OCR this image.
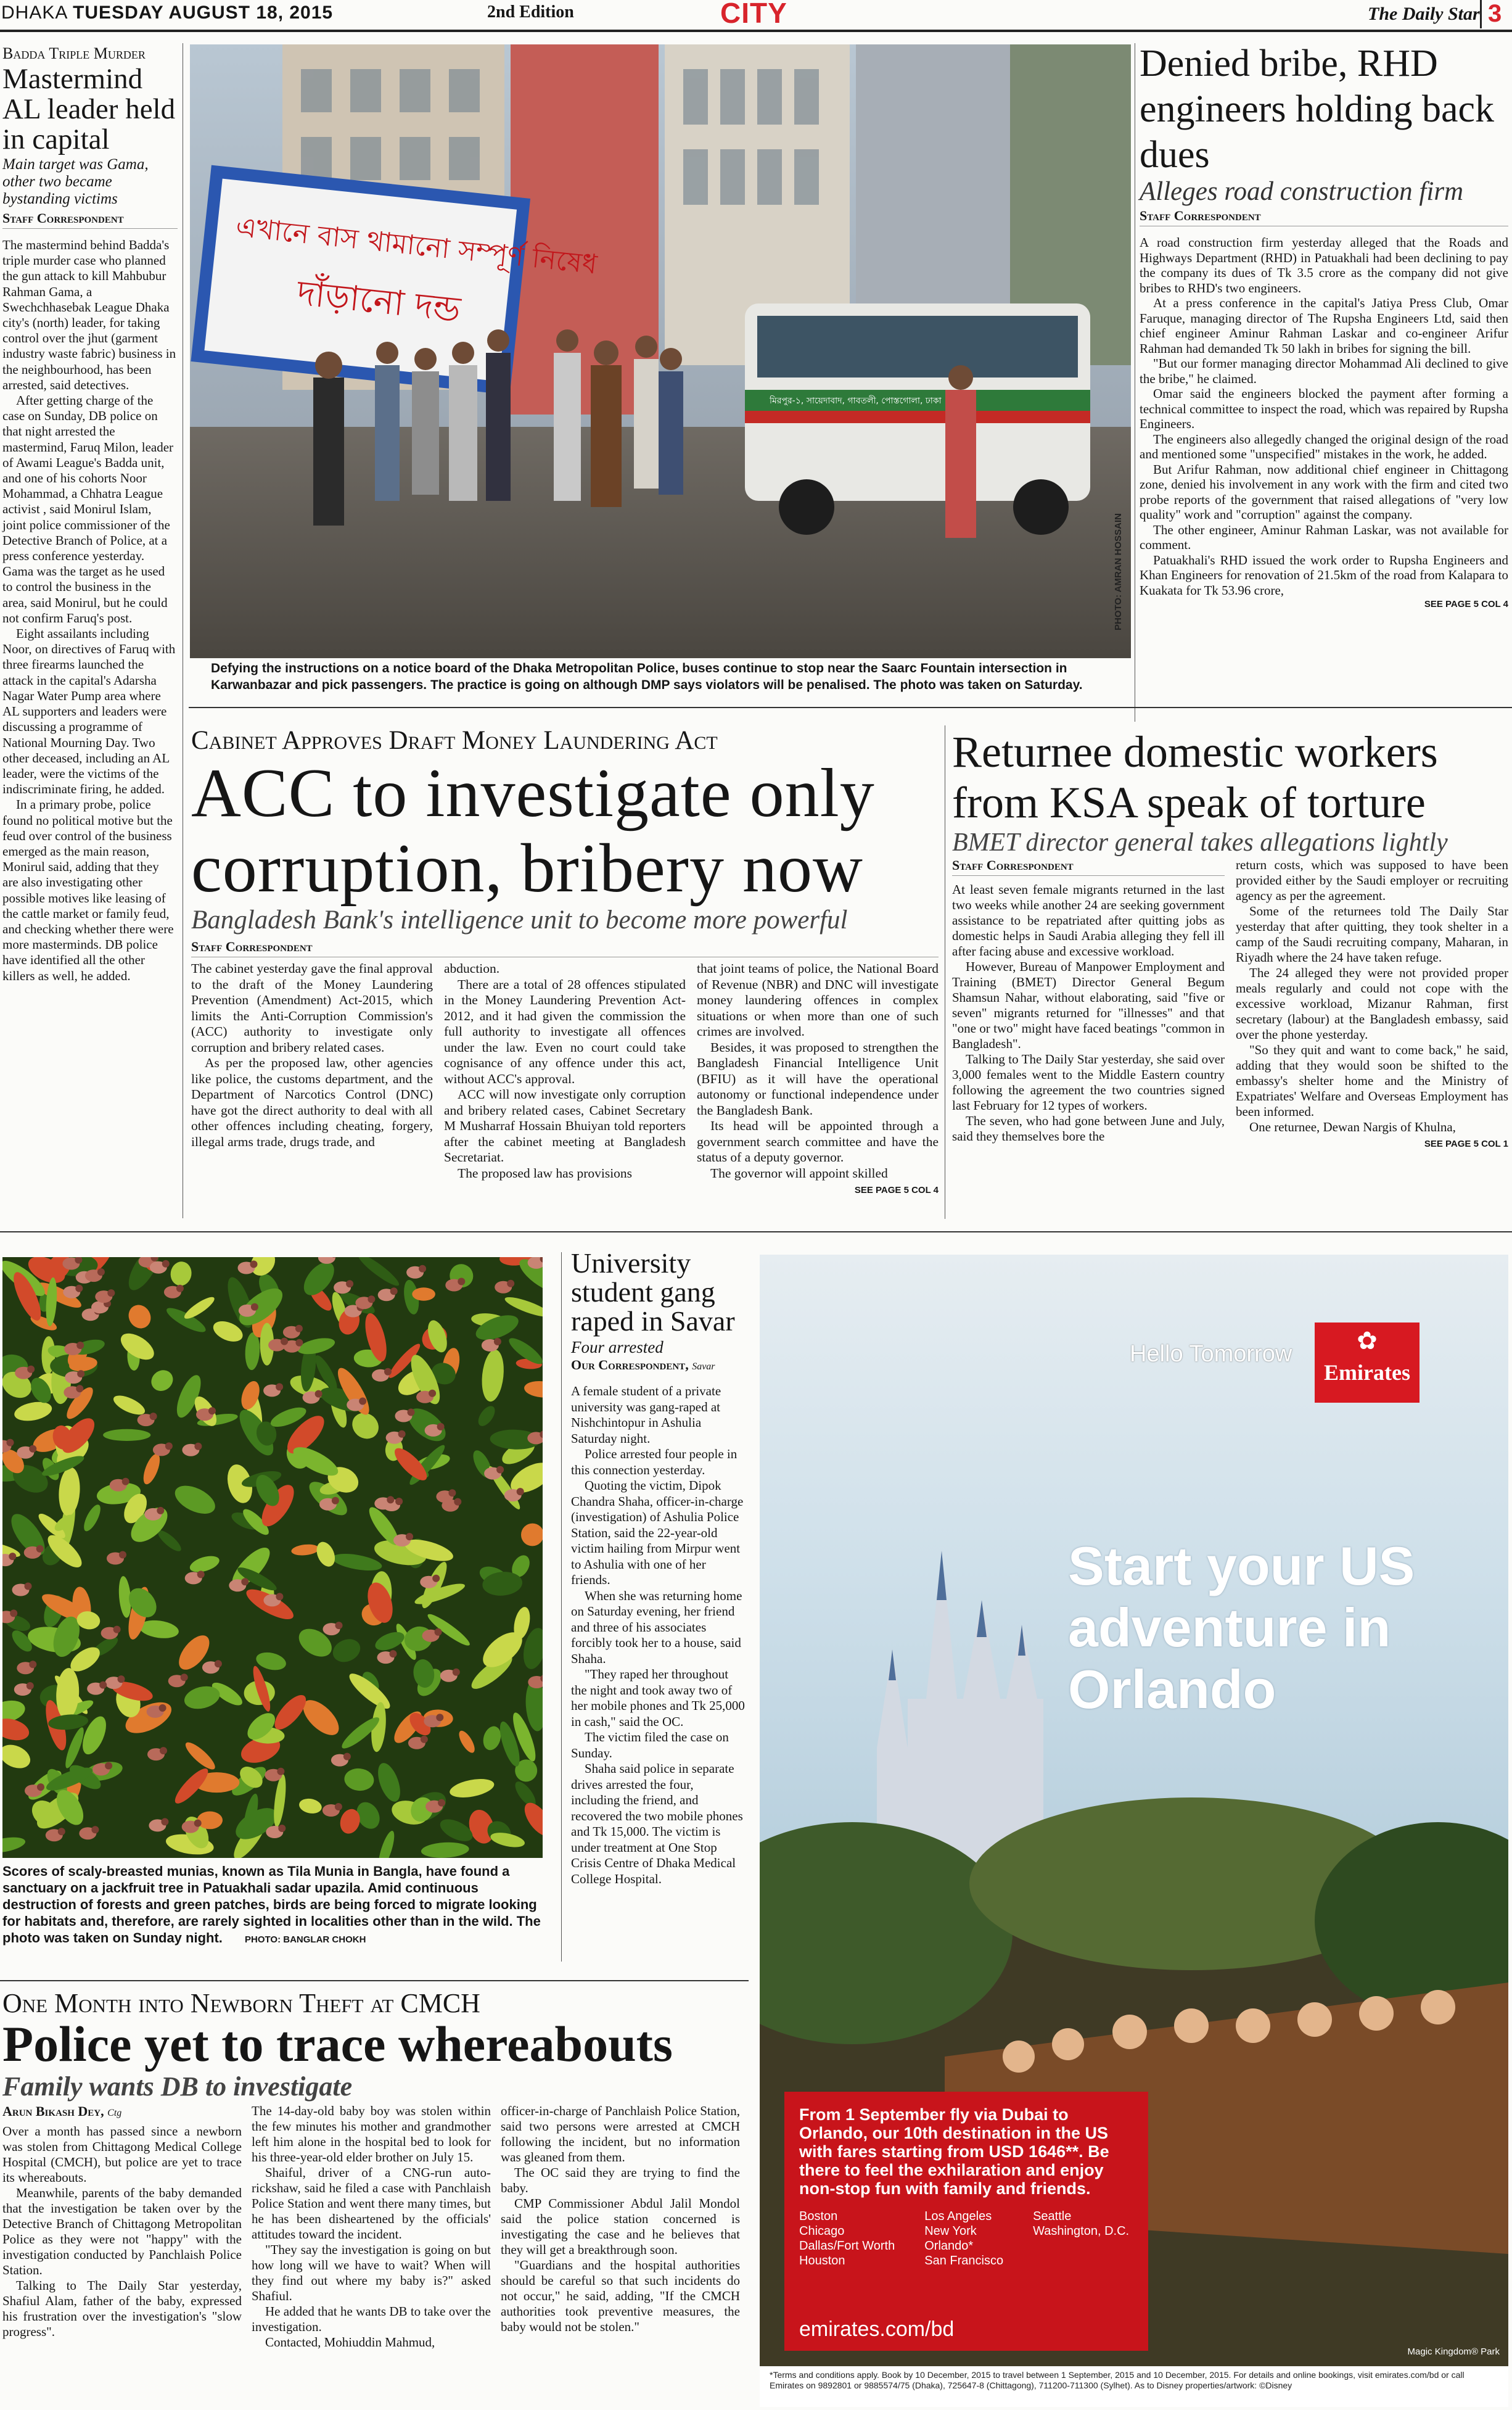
DHAKA TUESDAY AUGUST 18, 2015	2nd Edition	CITY	The Daily Star 3
Badda Triple Murder
Mastermind AL leader held in capital
Main target was Gama, other two became bystanding victims
Staff Correspondent

The mastermind behind Badda's triple murder case who planned the gun attack to kill Mahbubur Rahman Gama, a Swechchhasebak League Dhaka city's (north) leader, for taking control over the jhut (garment industry waste fabric) business in the neighbourhood, has been arrested, said detectives.

After getting charge of the case on Sunday, DB police on that night arrested the mastermind, Faruq Milon, leader of Awami League's Badda unit, and one of his cohorts Noor Mohammad, a Chhatra League activist , said Monirul Islam, joint police commissioner of the Detective Branch of Police, at a press conference yesterday. Gama was the target as he used to control the business in the area, said Monirul, but he could not confirm Faruq's post.

Eight assailants including Noor, on directives of Faruq with three firearms launched the attack in the capital's Adarsha Nagar Water Pump area where AL supporters and leaders were discussing a programme of National Mourning Day. Two other deceased, including an AL leader, were the victims of the indiscriminate firing, he added.

In a primary probe, police found no political motive but the feud over control of the business emerged as the main reason, Monirul said, adding that they are also investigating other possible motives like leasing of the cattle market or family feud, and checking whether there were more masterminds. DB police have identified all the other killers as well, he added.

এখানে বাস থামানো সম্পূর্ণ নিষেধ
দাঁড়ানো দন্ড
মিরপুর-১, সায়েদাবাদ, গাবতলী, পোস্তগোলা, ঢাকা
PHOTO: AMRAN HOSSAIN
Defying the instructions on a notice board of the Dhaka Metropolitan Police, buses continue to stop near the Saarc Fountain intersection in Karwanbazar and pick passengers. The practice is going on although DMP says violators will be penalised. The photo was taken on Saturday.
Denied bribe, RHD engineers holding back dues
Alleges road construction firm
Staff Correspondent

A road construction firm yesterday alleged that the Roads and Highways Department (RHD) in Patuakhali had been declining to pay the company its dues of Tk 3.5 crore as the company did not give bribes to RHD's two engineers.

At a press conference in the capital's Jatiya Press Club, Omar Faruque, managing director of The Rupsha Engineers Ltd, said then chief engineer Aminur Rahman Laskar and co-engineer Arifur Rahman had demanded Tk 50 lakh in bribes for signing the bill.

"But our former managing director Mohammad Ali declined to give the bribe," he claimed.

Omar said the engineers blocked the payment after forming a technical committee to inspect the road, which was repaired by Rupsha Engineers.

The engineers also allegedly changed the original design of the road and mentioned some "unspecified" mistakes in the work, he added.

But Arifur Rahman, now additional chief engineer in Chittagong zone, denied his involvement in any work with the firm and cited two probe reports of the government that raised allegations of "very low quality" work and "corruption" against the company.

The other engineer, Aminur Rahman Laskar, was not available for comment.

Patuakhali's RHD issued the work order to Rupsha Engineers and Khan Engineers for renovation of 21.5km of the road from Kalapara to Kuakata for Tk 53.96 crore,

SEE PAGE 5 COL 4
Cabinet Approves Draft Money Laundering Act
ACC to investigate only corruption, bribery now
Bangladesh Bank's intelligence unit to become more powerful
Staff Correspondent

The cabinet yesterday gave the final approval to the draft of the Money Laundering Prevention (Amendment) Act-2015, which limits the Anti-Corruption Commission's (ACC) authority to investigate only corruption and bribery related cases.

As per the proposed law, other agencies like police, the customs department, and the Department of Narcotics Control (DNC) have got the direct authority to deal with all other offences including cheating, forgery, illegal arms trade, drugs trade, and

abduction.

There are a total of 28 offences stipulated in the Money Laundering Prevention Act-2012, and it had given the commission the full authority to investigate all offences under the law. Even no court could take cognisance of any offence under this act, without ACC's approval.

ACC will now investigate only corruption and bribery related cases, Cabinet Secretary M Musharraf Hossain Bhuiyan told reporters after the cabinet meeting at Bangladesh Secretariat.

The proposed law has provisions

that joint teams of police, the National Board of Revenue (NBR) and DNC will investigate money laundering offences in complex situations or when more than one of such crimes are involved.

Besides, it was proposed to strengthen the Bangladesh Financial Intelligence Unit (BFIU) as it will have the operational autonomy or functional independence under the Bangladesh Bank.

Its head will be appointed through a government search committee and have the status of a deputy governor.

The governor will appoint skilled

SEE PAGE 5 COL 4
Returnee domestic workers from KSA speak of torture
BMET director general takes allegations lightly
Staff Correspondent

At least seven female migrants returned in the last two weeks while another 24 are seeking government assistance to be repatriated after quitting jobs as domestic helps in Saudi Arabia alleging they fell ill after facing abuse and excessive workload.

However, Bureau of Manpower Employment and Training (BMET) Director General Begum Shamsun Nahar, without elaborating, said "five or seven" migrants returned for "illnesses" and that "one or two" might have faced beatings "common in Bangladesh".

Talking to The Daily Star yesterday, she said over 3,000 females went to the Middle Eastern country following the agreement the two countries signed last February for 12 types of workers.

The seven, who had gone between June and July, said they themselves bore the

return costs, which was supposed to have been provided either by the Saudi employer or recruiting agency as per the agreement.

Some of the returnees told The Daily Star yesterday that after quitting, they took shelter in a camp of the Saudi recruiting company, Maharan, in Riyadh where the 24 have taken refuge.

The 24 alleged they were not provided proper meals regularly and could not cope with the excessive workload, Mizanur Rahman, first secretary (labour) at the Bangladesh embassy, said over the phone yesterday.

"So they quit and want to come back," he said, adding that they would soon be shifted to the embassy's shelter home and the Ministry of Expatriates' Welfare and Overseas Employment has been informed.

One returnee, Dewan Nargis of Khulna,

SEE PAGE 5 COL 1
Scores of scaly-breasted munias, known as Tila Munia in Bangla, have found a sanctuary on a jackfruit tree in Patuakhali sadar upazila. Amid continuous destruction of forests and green patches, birds are being forced to migrate looking for habitats and, therefore, are rarely sighted in localities other than in the wild. The photo was taken on Sunday night. PHOTO: BANGLAR CHOKH
University student gang raped in Savar
Four arrested
Our Correspondent, Savar

A female student of a private university was gang-raped at Nishchintopur in Ashulia Saturday night.

Police arrested four people in this connection yesterday.

Quoting the victim, Dipok Chandra Shaha, officer-in-charge (investigation) of Ashulia Police Station, said the 22-year-old victim hailing from Mirpur went to Ashulia with one of her friends.

When she was returning home on Saturday evening, her friend and three of his associates forcibly took her to a house, said Shaha.

"They raped her throughout the night and took away two of her mobile phones and Tk 25,000 in cash," said the OC.

The victim filed the case on Sunday.

Shaha said police in separate drives arrested the four, including the friend, and recovered the two mobile phones and Tk 15,000. The victim is under treatment at One Stop Crisis Centre of Dhaka Medical College Hospital.

Hello Tomorrow	✿
Emirates
Start your US adventure in Orlando
From 1 September fly via Dubai to Orlando, our 10th destination in the US with fares starting from USD 1646**. Be there to feel the exhilaration and enjoy non-stop fun with family and friends.
Boston
Chicago
Dallas/Fort Worth
Houston
Los Angeles
New York
Orlando*
San Francisco
Seattle
Washington, D.C.
emirates.com/bd
Magic Kingdom® Park
*Terms and conditions apply. Book by 10 December, 2015 to travel between 1 September, 2015 and 10 December, 2015. For details and online bookings, visit emirates.com/bd or call Emirates on 9892801 or 9885574/75 (Dhaka), 725647-8 (Chittagong), 711200-711300 (Sylhet). As to Disney properties/artwork: ©Disney
One Month into Newborn Theft at CMCH
Police yet to trace whereabouts
Family wants DB to investigate
Arun Bikash Dey, Ctg

Over a month has passed since a newborn was stolen from Chittagong Medical College Hospital (CMCH), but police are yet to trace its whereabouts.

Meanwhile, parents of the baby demanded that the investigation be taken over by the Detective Branch of Chittagong Metropolitan Police as they were not "happy" with the investigation conducted by Panchlaish Police Station.

Talking to The Daily Star yesterday, Shafiul Alam, father of the baby, expressed his frustration over the investigation's "slow progress".

The 14-day-old baby boy was stolen within the few minutes his mother and grandmother left him alone in the hospital bed to look for his three-year-old elder brother on July 15.

Shaiful, driver of a CNG-run auto-rickshaw, said he filed a case with Panchlaish Police Station and went there many times, but he has been disheartened by the officials' attitudes toward the incident.

"They say the investigation is going on but how long will we have to wait? When will they find out where my baby is?" asked Shafiul.

He added that he wants DB to take over the investigation.

Contacted, Mohiuddin Mahmud,

officer-in-charge of Panchlaish Police Station, said two persons were arrested at CMCH following the incident, but no information was gleaned from them.

The OC said they are trying to find the baby.

CMP Commissioner Abdul Jalil Mondol said the police station concerned is investigating the case and he believes that they will get a breakthrough soon.

"Guardians and the hospital authorities should be careful so that such incidents do not occur," he said, adding, "If the CMCH authorities took preventive measures, the baby would not be stolen."
